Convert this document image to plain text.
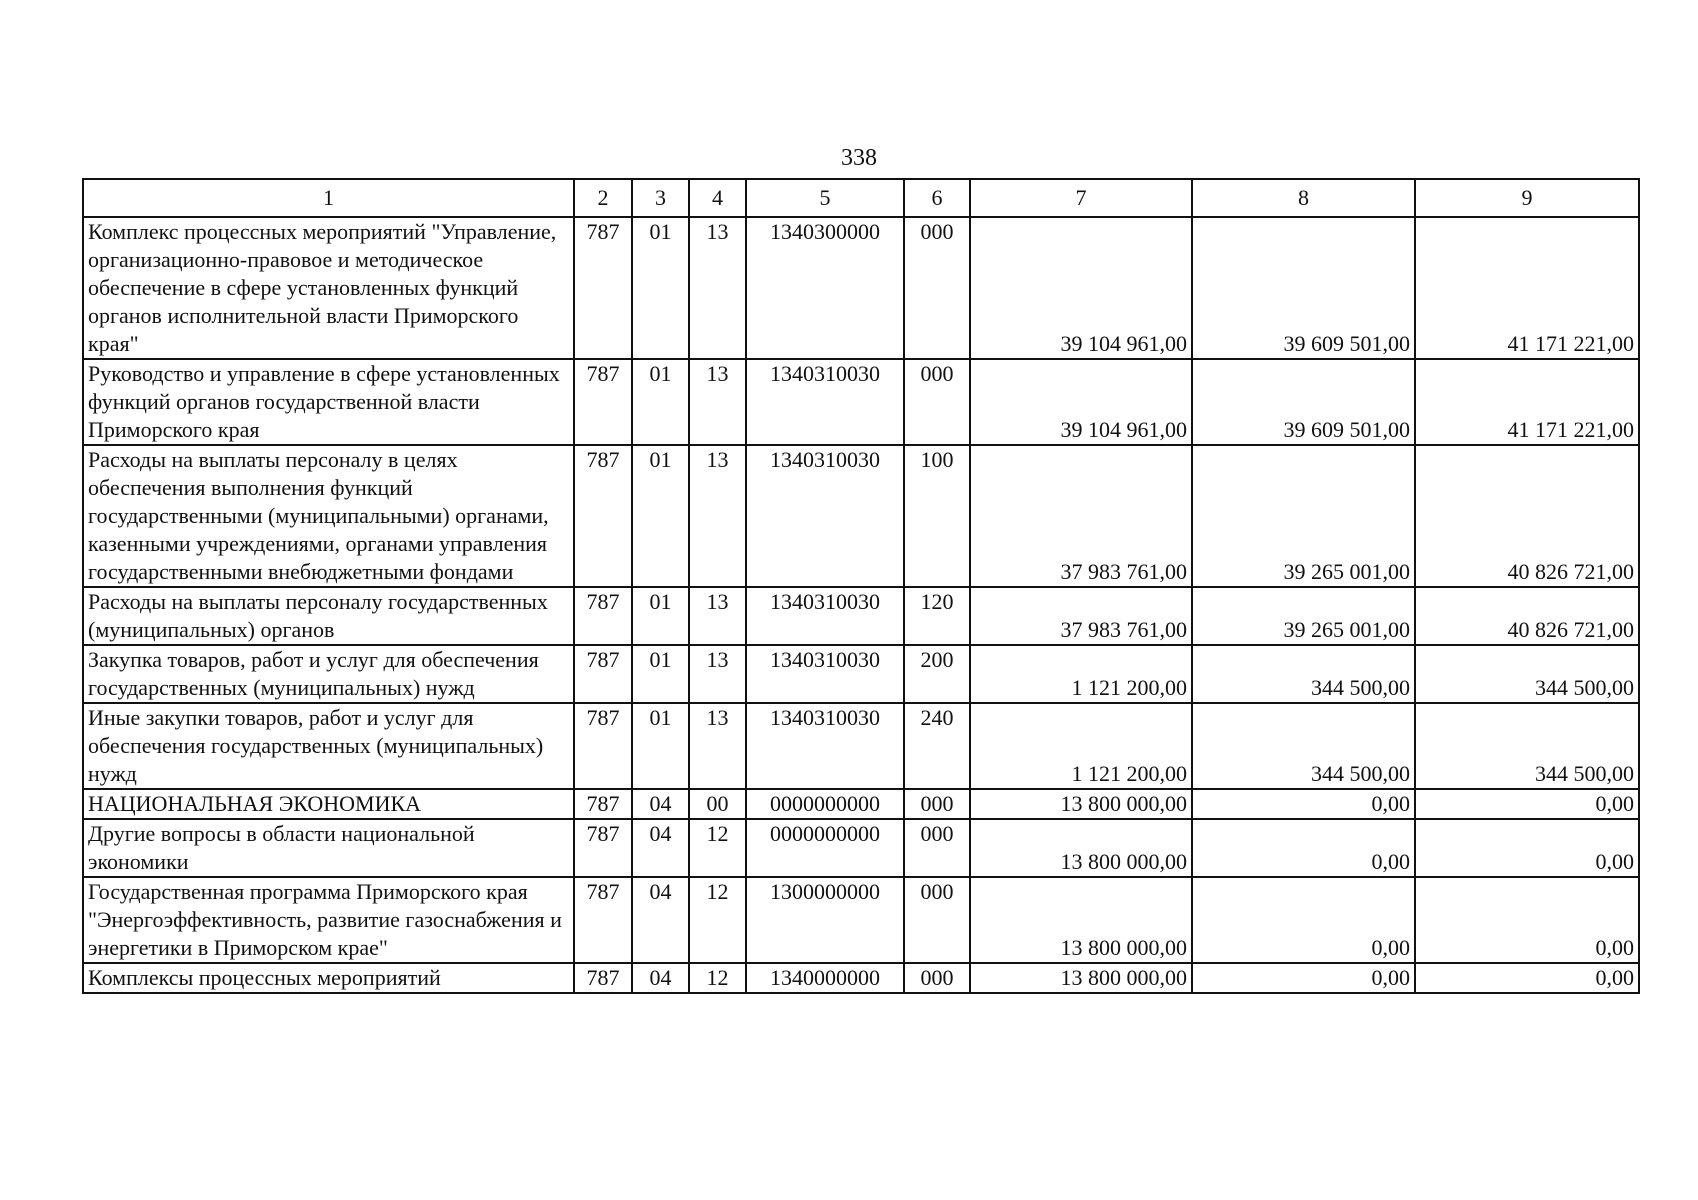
338
1	2	3	4	5	6	7	8	9
Комплекс процессных мероприятий "Управление, организационно-правовое и методическое обеспечение в сфере установленных функций органов исполнительной власти Приморского края"	787	01	13	1340300000	000	39 104 961,00	39 609 501,00	41 171 221,00
Руководство и управление в сфере установленных функций органов государственной власти Приморского края	787	01	13	1340310030	000	39 104 961,00	39 609 501,00	41 171 221,00
Расходы на выплаты персоналу в целях обеспечения выполнения функций государственными (муниципальными) органами, казенными учреждениями, органами управления государственными внебюджетными фондами	787	01	13	1340310030	100	37 983 761,00	39 265 001,00	40 826 721,00
Расходы на выплаты персоналу государственных (муниципальных) органов	787	01	13	1340310030	120	37 983 761,00	39 265 001,00	40 826 721,00
Закупка товаров, работ и услуг для обеспечения государственных (муниципальных) нужд	787	01	13	1340310030	200	1 121 200,00	344 500,00	344 500,00
Иные закупки товаров, работ и услуг для обеспечения государственных (муниципальных) нужд	787	01	13	1340310030	240	1 121 200,00	344 500,00	344 500,00
НАЦИОНАЛЬНАЯ ЭКОНОМИКА	787	04	00	0000000000	000	13 800 000,00	0,00	0,00
Другие вопросы в области национальной экономики	787	04	12	0000000000	000	13 800 000,00	0,00	0,00
Государственная программа Приморского края "Энергоэффективность, развитие газоснабжения и энергетики в Приморском крае"	787	04	12	1300000000	000	13 800 000,00	0,00	0,00
Комплексы процессных мероприятий	787	04	12	1340000000	000	13 800 000,00	0,00	0,00
